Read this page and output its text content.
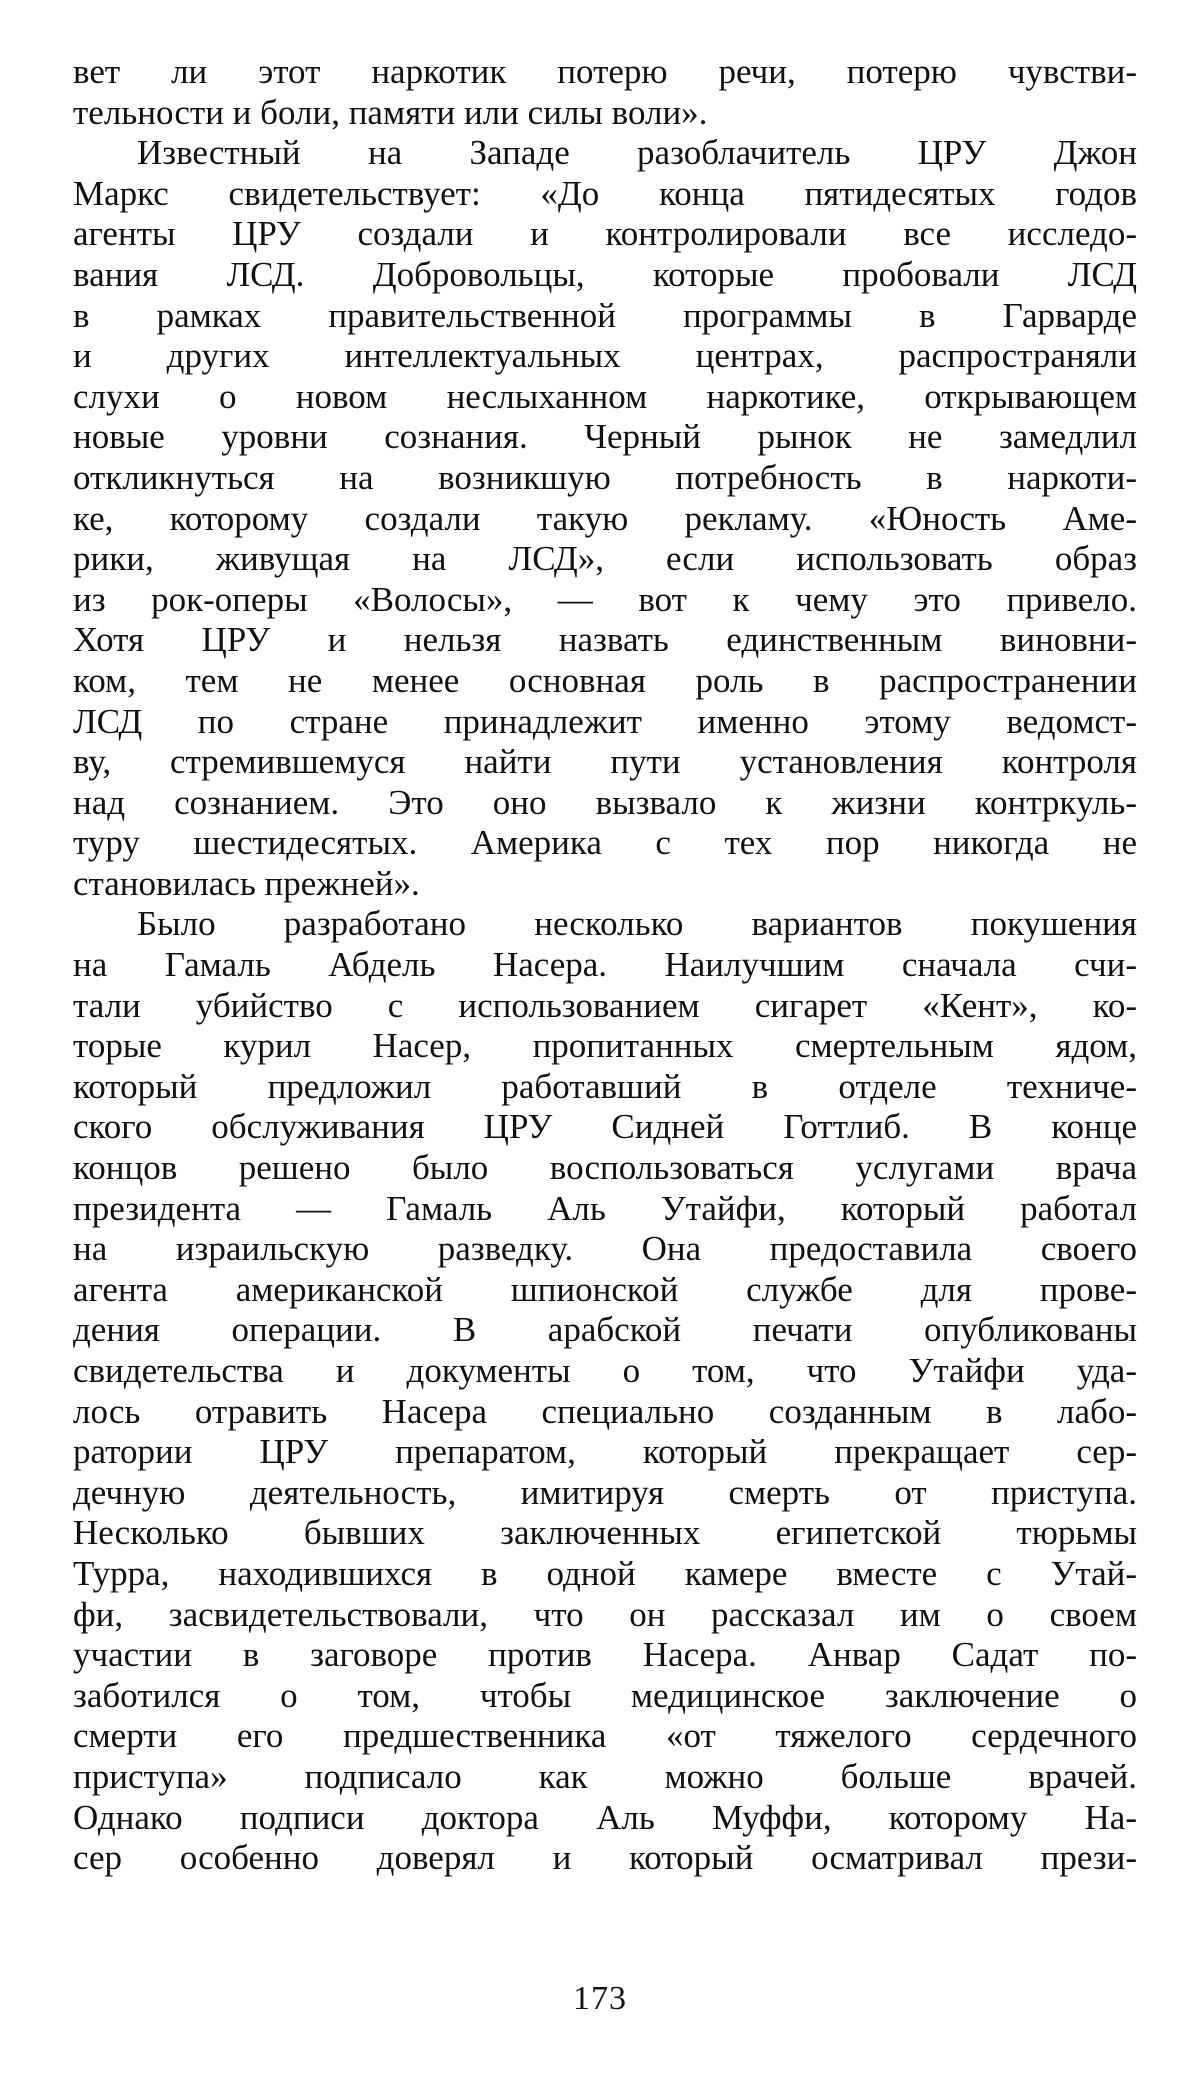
вет ли этот наркотик потерю речи, потерю чувстви-
тельности и боли, памяти или силы воли».
Известный на Западе разоблачитель ЦРУ Джон
Маркс свидетельствует: «До конца пятидесятых годов
агенты ЦРУ создали и контролировали все исследо-
вания ЛСД. Добровольцы, которые пробовали ЛСД
в рамках правительственной программы в Гарварде
и других интеллектуальных центрах, распространяли
слухи о новом неслыханном наркотике, открывающем
новые уровни сознания. Черный рынок не замедлил
откликнуться на возникшую потребность в наркоти-
ке, которому создали такую рекламу. «Юность Аме-
рики, живущая на ЛСД», если использовать образ
из рок-оперы «Волосы», — вот к чему это привело.
Хотя ЦРУ и нельзя назвать единственным виновни-
ком, тем не менее основная роль в распространении
ЛСД по стране принадлежит именно этому ведомст-
ву, стремившемуся найти пути установления контроля
над сознанием. Это оно вызвало к жизни контркуль-
туру шестидесятых. Америка с тех пор никогда не
становилась прежней».
Было разработано несколько вариантов покушения
на Гамаль Абдель Насера. Наилучшим сначала счи-
тали убийство с использованием сигарет «Кент», ко-
торые курил Насер, пропитанных смертельным ядом,
который предложил работавший в отделе техниче-
ского обслуживания ЦРУ Сидней Готтлиб. В конце
концов решено было воспользоваться услугами врача
президента — Гамаль Аль Утайфи, который работал
на израильскую разведку. Она предоставила своего
агента американской шпионской службе для прове-
дения операции. В арабской печати опубликованы
свидетельства и документы о том, что Утайфи уда-
лось отравить Насера специально созданным в лабо-
ратории ЦРУ препаратом, который прекращает сер-
дечную деятельность, имитируя смерть от приступа.
Несколько бывших заключенных египетской тюрьмы
Турра, находившихся в одной камере вместе с Утай-
фи, засвидетельствовали, что он рассказал им о своем
участии в заговоре против Насера. Анвар Садат по-
заботился о том, чтобы медицинское заключение о
смерти его предшественника «от тяжелого сердечного
приступа» подписало как можно больше врачей.
Однако подписи доктора Аль Муффи, которому На-
сер особенно доверял и который осматривал прези-
173
